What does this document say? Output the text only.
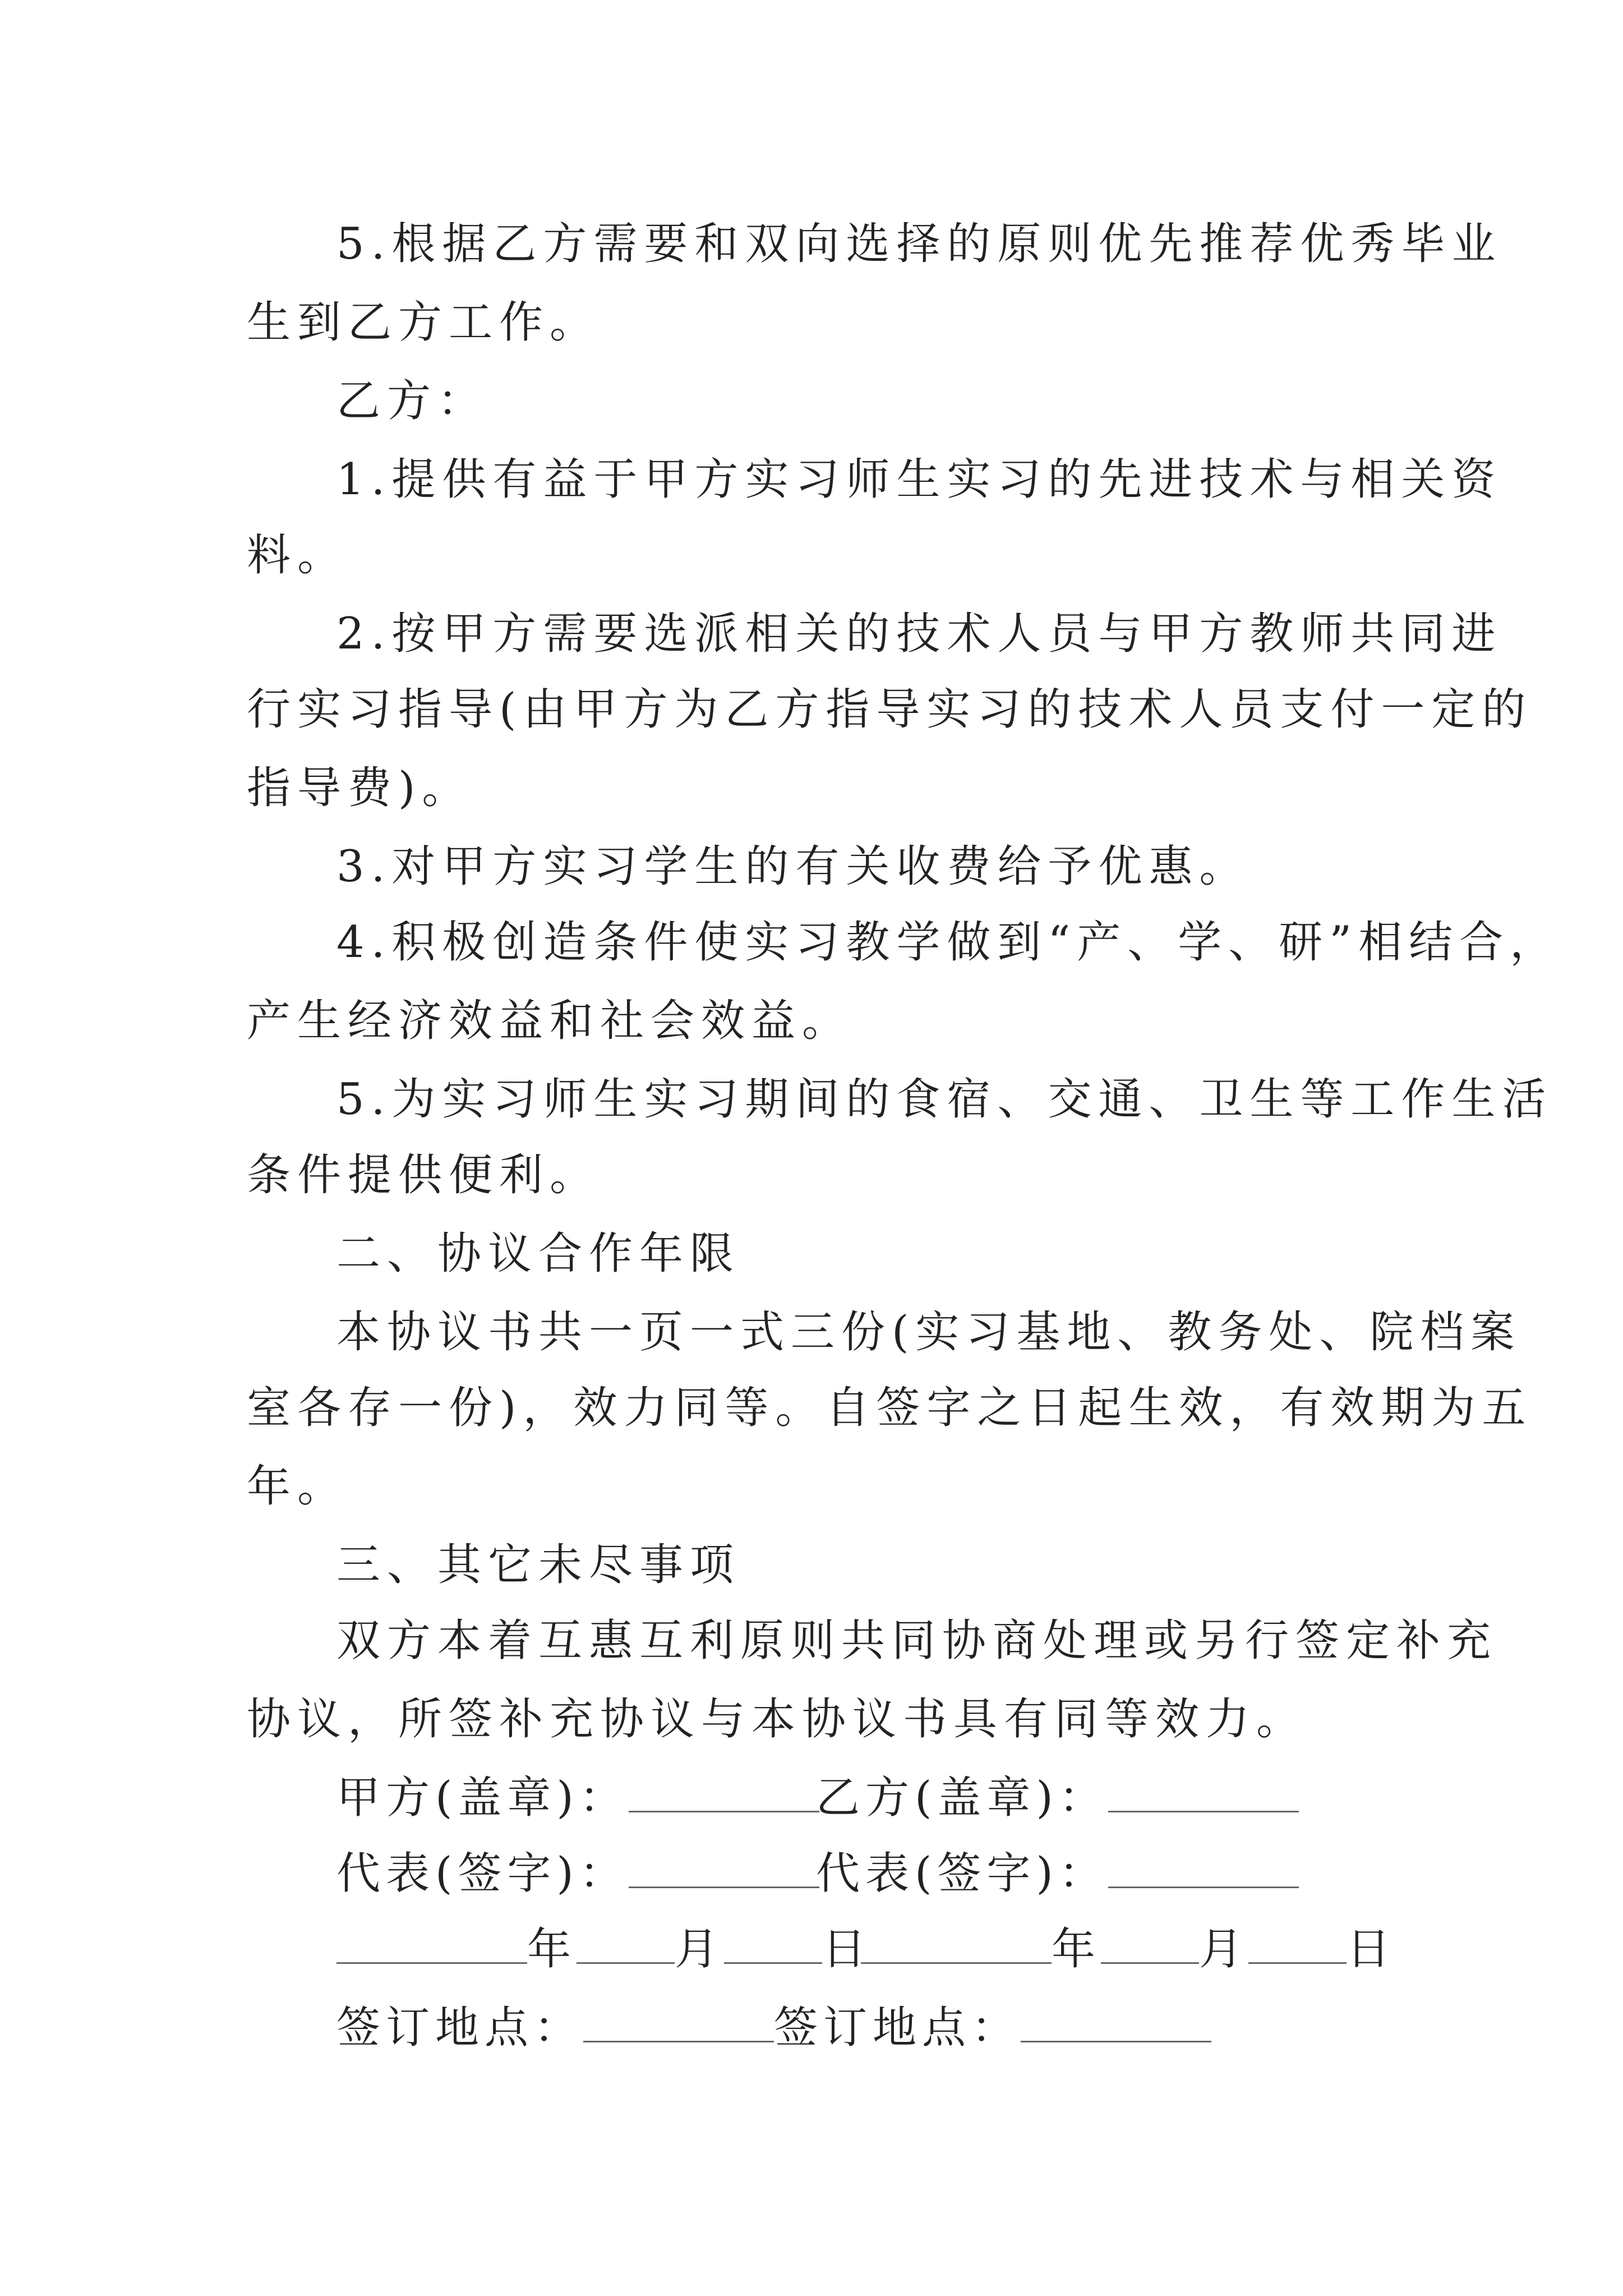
5.根据乙方需要和双向选择的原则优先推荐优秀毕业
生到乙方工作。
乙方：
1.提供有益于甲方实习师生实习的先进技术与相关资
料。
2.按甲方需要选派相关的技术人员与甲方教师共同进
行实习指导(由甲方为乙方指导实习的技术人员支付一定的
指导费)。
3.对甲方实习学生的有关收费给予优惠。
4.积极创造条件使实习教学做到“产、学、研”相结合，
产生经济效益和社会效益。
5.为实习师生实习期间的食宿、交通、卫生等工作生活
条件提供便利。
二、协议合作年限
本协议书共一页一式三份(实习基地、教务处、院档案
室各存一份)，效力同等。自签字之日起生效，有效期为五
年。
三、其它未尽事项
双方本着互惠互利原则共同协商处理或另行签定补充
协议，所签补充协议与本协议书具有同等效力。
甲方(盖章)：	乙方(盖章)：
代表(签字)：	代表(签字)：
年 月 日	年 月 日
签订地点：	签订地点：
